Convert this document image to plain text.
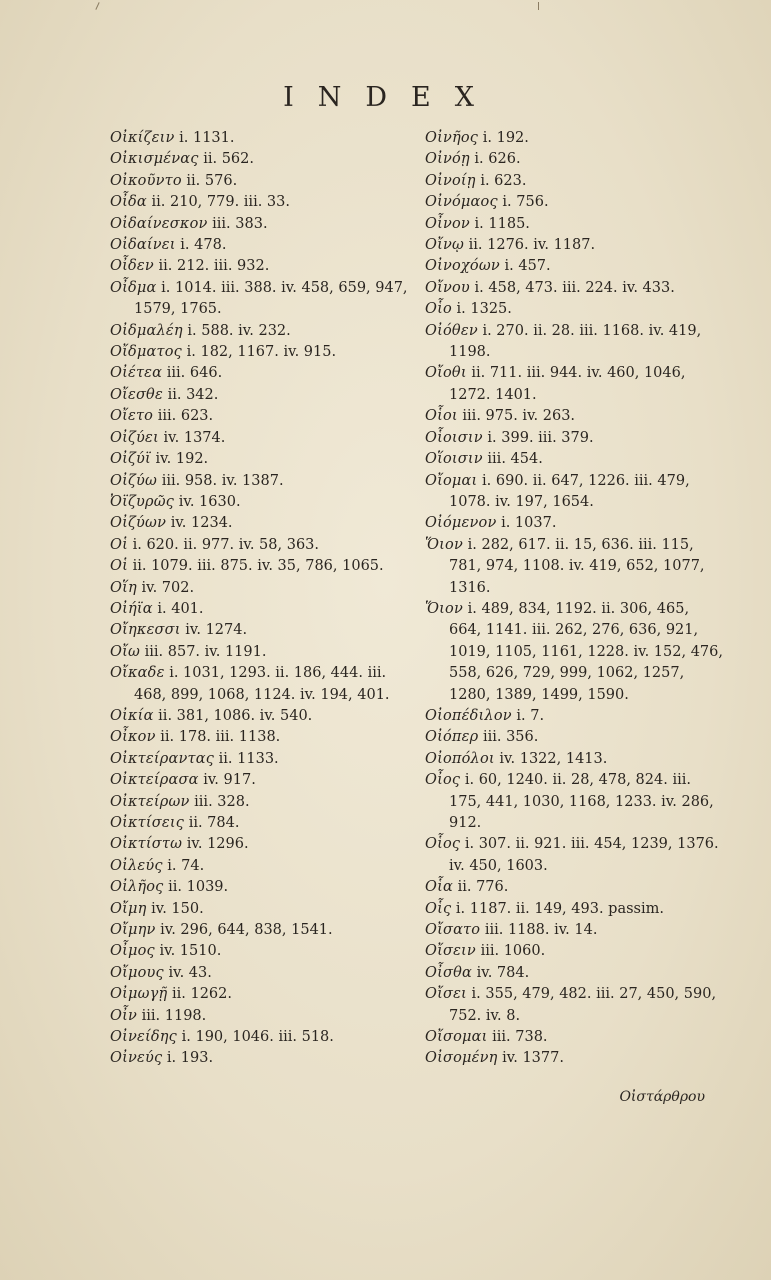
INDEX

Οἰκίζειν i. 1131.

Οἰκισμένας ii. 562.

Οἰκοῦντο ii. 576.

Οἶδα ii. 210, 779. iii. 33.

Οἰδαίνεσκον iii. 383.

Οἰδαίνει i. 478.

Οἶδεν ii. 212. iii. 932.

Οἶδμα i. 1014. iii. 388. iv. 458, 659, 947, 1579, 1765.

Οἰδμαλέη i. 588. iv. 232.

Οἴδματος i. 182, 1167. iv. 915.

Οἰέτεα iii. 646.

Οἴεσθε ii. 342.

Οἴετο iii. 623.

Οἰζύει iv. 1374.

Οἰζύϊ iv. 192.

Οἰζύω iii. 958. iv. 1387.

Ὀϊζυρῶς iv. 1630.

Οἰζύων iv. 1234.

Οἱ i. 620. ii. 977. iv. 58, 363.

Οἱ ii. 1079. iii. 875. iv. 35, 786, 1065.

Οἵη iv. 702.

Οἰήϊα i. 401.

Οἴηκεσσι iv. 1274.

Οἴω iii. 857. iv. 1191.

Οἴκαδε i. 1031, 1293. ii. 186, 444. iii. 468, 899, 1068, 1124. iv. 194, 401.

Οἰκία ii. 381, 1086. iv. 540.

Οἶκον ii. 178. iii. 1138.

Οἰκτείραντας ii. 1133.

Οἰκτείρασα iv. 917.

Οἰκτείρων iii. 328.

Οἰκτίσεις ii. 784.

Οἰκτίστω iv. 1296.

Οἰλεύς i. 74.

Οἰλῆος ii. 1039.

Οἴμη iv. 150.

Οἴμην iv. 296, 644, 838, 1541.

Οἶμος iv. 1510.

Οἴμους iv. 43.

Οἰμωγῇ ii. 1262.

Οἶν iii. 1198.

Οἰνείδης i. 190, 1046. iii. 518.

Οἰνεύς i. 193.

Οἰνῆος i. 192.

Οἰνόῃ i. 626.

Οἰνοίῃ i. 623.

Οἰνόμαος i. 756.

Οἶνον i. 1185.

Οἴνῳ ii. 1276. iv. 1187.

Οἰνοχόων i. 457.

Οἴνου i. 458, 473. iii. 224. iv. 433.

Οἷο i. 1325.

Οἰόθεν i. 270. ii. 28. iii. 1168. iv. 419, 1198.

Οἴοθι ii. 711. iii. 944. iv. 460, 1046, 1272. 1401.

Οἷοι iii. 975. iv. 263.

Οἷοισιν i. 399. iii. 379.

Οἵοισιν iii. 454.

Οἴομαι i. 690. ii. 647, 1226. iii. 479, 1078. iv. 197, 1654.

Οἰόμενον i. 1037.

Ὅιον i. 282, 617. ii. 15, 636. iii. 115, 781, 974, 1108. iv. 419, 652, 1077, 1316.

Ὅιον i. 489, 834, 1192. ii. 306, 465, 664, 1141. iii. 262, 276, 636, 921, 1019, 1105, 1161, 1228. iv. 152, 476, 558, 626, 729, 999, 1062, 1257, 1280, 1389, 1499, 1590.

Οἰοπέδιλον i. 7.

Οἰόπερ iii. 356.

Οἰοπόλοι iv. 1322, 1413.

Οἶος i. 60, 1240. ii. 28, 478, 824. iii. 175, 441, 1030, 1168, 1233. iv. 286, 912.

Οἷος i. 307. ii. 921. iii. 454, 1239, 1376. iv. 450, 1603.

Οἷα ii. 776.

Οἷς i. 1187. ii. 149, 493. passim.

Οἴσατο iii. 1188. iv. 14.

Οἴσειν iii. 1060.

Οἶσθα iv. 784.

Οἴσει i. 355, 479, 482. iii. 27, 450, 590, 752. iv. 8.

Οἴσομαι iii. 738.

Οἰσομένη iv. 1377.

Οἰστάρθρου
